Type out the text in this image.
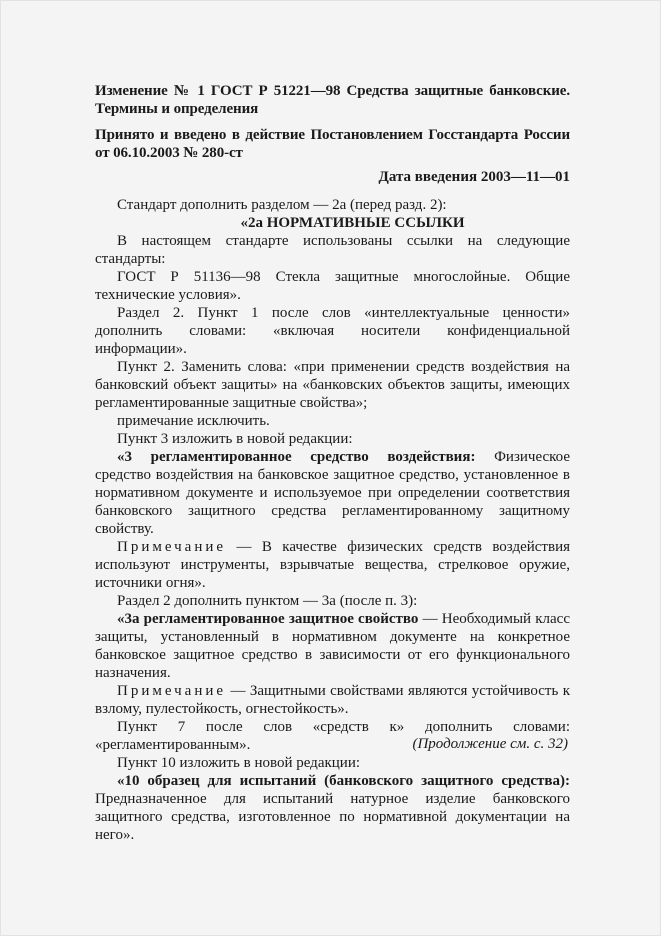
Изменение № 1 ГОСТ Р 51221—98 Средства защитные банковские. Термины и определения

Принято и введено в действие Постановлением Госстандарта России от 06.10.2003 № 280-ст

Дата введения 2003—11—01

Стандарт дополнить разделом — 2а (перед разд. 2):

«2а НОРМАТИВНЫЕ ССЫЛКИ

В настоящем стандарте использованы ссылки на следующие стандарты:

ГОСТ Р 51136—98 Стекла защитные многослойные. Общие технические условия».

Раздел 2. Пункт 1 после слов «интеллектуальные ценности» дополнить словами: «включая носители конфиденциальной информации».

Пункт 2. Заменить слова: «при применении средств воздействия на банковский объект защиты» на «банковских объектов защиты, имеющих регламентированные защитные свойства»;

примечание исключить.

Пункт 3 изложить в новой редакции:

«3 регламентированное средство воздействия: Физическое средство воздействия на банковское защитное средство, установленное в нормативном документе и используемое при определении соответствия банковского защитного средства регламентированному защитному свойству.

Примечание — В качестве физических средств воздействия используют инструменты, взрывчатые вещества, стрелковое оружие, источники огня».

Раздел 2 дополнить пунктом — 3а (после п. 3):

«3а регламентированное защитное свойство — Необходимый класс защиты, установленный в нормативном документе на конкретное банковское защитное средство в зависимости от его функционального назначения.

Примечание — Защитными свойствами являются устойчивость к взлому, пулестойкость, огнестойкость».

Пункт 7 после слов «средств к» дополнить словами: «регламентированным».

Пункт 10 изложить в новой редакции:

«10 образец для испытаний (банковского защитного средства): Предназначенное для испытаний натурное изделие банковского защитного средства, изготовленное по нормативной документации на него».

(Продолжение см. с. 32)
